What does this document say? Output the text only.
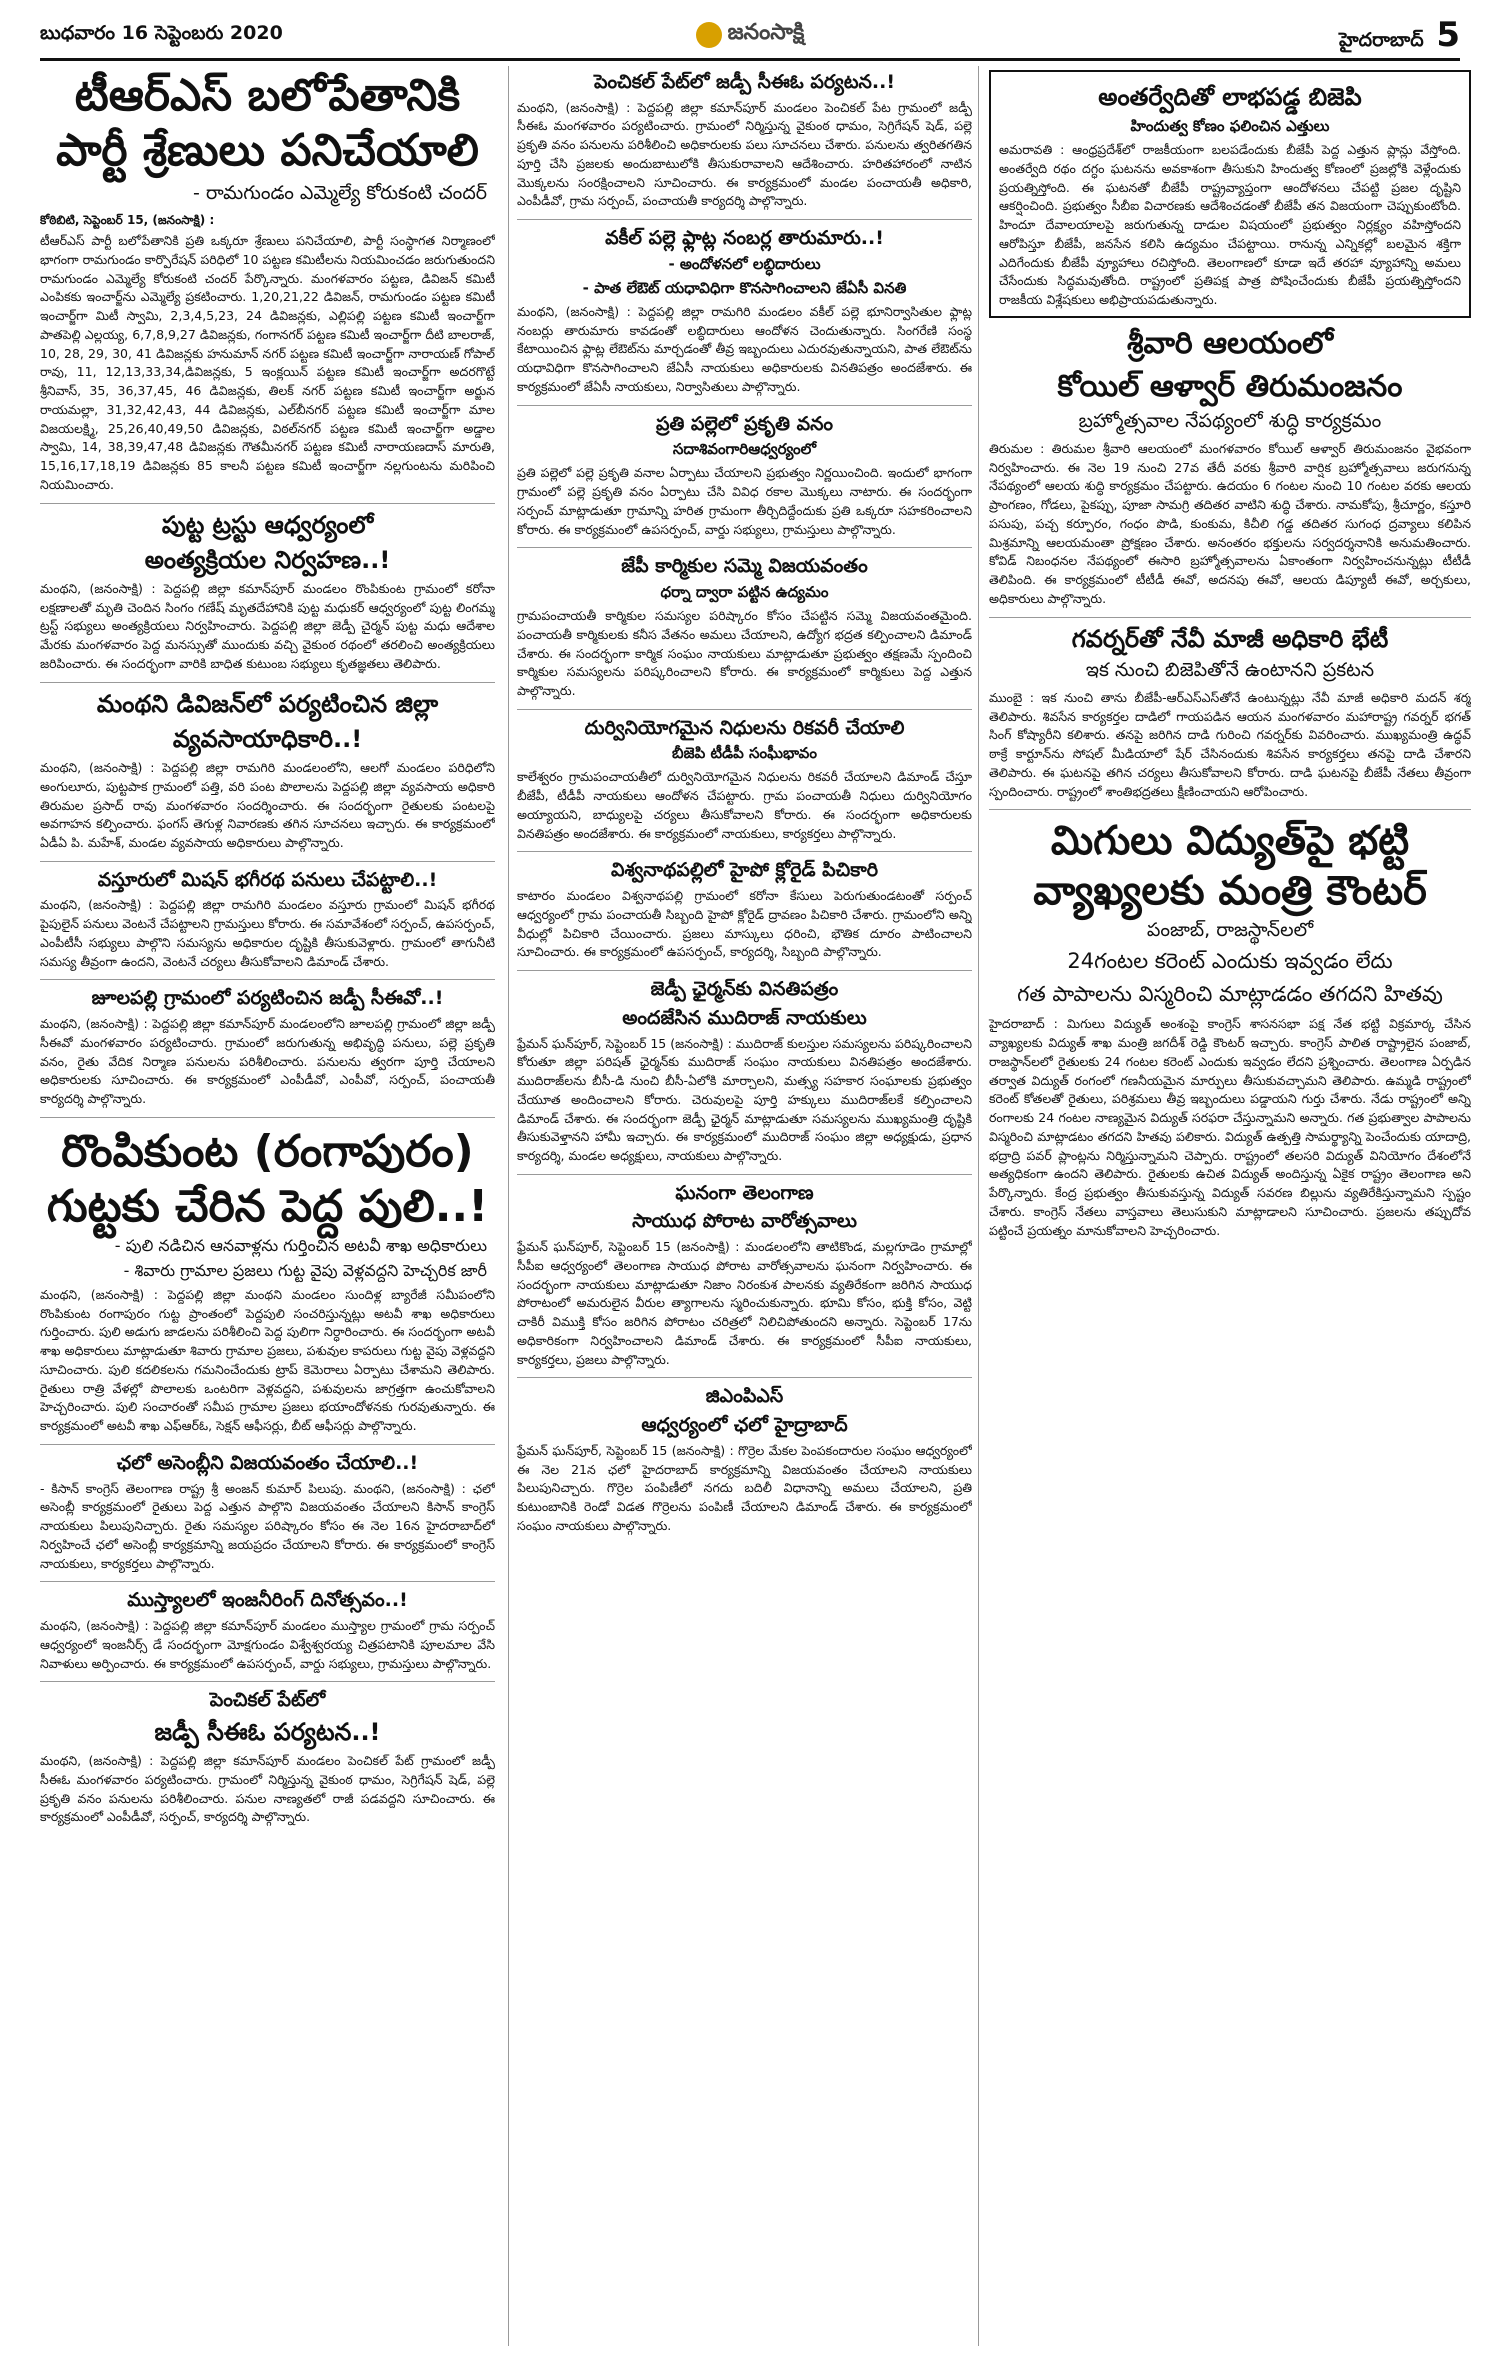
బుధవారం 16 సెప్టెంబరు 2020	జనంసాక్షి	హైదరాబాద్ 5
టీఆర్ఎస్ బలోపేతానికి పార్టీ శ్రేణులు పనిచేయాలి
- రామగుండం ఎమ్మెల్యే కోరుకంటి చందర్
కోఠిబిటి, సెప్టెంబర్ 15, (జనంసాక్షి) :

టీఆర్ఎస్ పార్టీ బలోపేతానికి ప్రతి ఒక్కరూ శ్రేణులు పనిచేయాలి, పార్టీ సంస్థాగత నిర్మాణంలో భాగంగా రామగుండం కార్పొరేషన్ పరిధిలో 10 పట్టణ కమిటీలను నియమించడం జరుగుతుందని రామగుండం ఎమ్మెల్యే కోరుకంటి చందర్ పేర్కొన్నారు. మంగళవారం పట్టణ, డివిజన్ కమిటీ ఎంపికకు ఇంచార్జ్‌ను ఎమ్మెల్యే ప్రకటించారు. 1,20,21,22 డివిజన్, రామగుండం పట్టణ కమిటీ ఇంచార్జ్‌గా మిటీ స్వామి, 2,3,4,5,23, 24 డివిజన్లకు, ఎల్లిపల్లి పట్టణ కమిటీ ఇంచార్జ్‌గా పాతపెల్లి ఎల్లయ్య, 6,7,8,9,27 డివిజన్లకు, గంగానగర్ పట్టణ కమిటీ ఇంచార్జ్‌గా దీటి బాలరాజ్, 10, 28, 29, 30, 41 డివిజన్లకు హనుమాన్ నగర్ పట్టణ కమిటీ ఇంచార్జ్‌గా నారాయణ్ గోపాల్ రావు, 11, 12,13,33,34,డివిజన్లకు, 5 ఇంక్లయిన్ పట్టణ కమిటీ ఇంచార్జ్‌గా అదరగొట్టే శ్రీనివాస్, 35, 36,37,45, 46 డివిజన్లకు, తిలక్ నగర్ పట్టణ కమిటీ ఇంచార్జ్‌గా అర్జున రాయమల్లా, 31,32,42,43, 44 డివిజన్లకు, ఎల్‌బీనగర్ పట్టణ కమిటీ ఇంచార్జ్‌గా మాల విజయలక్ష్మి, 25,26,40,49,50 డివిజన్లకు, విఠల్‌నగర్ పట్టణ కమిటీ ఇంచార్జ్‌గా అడ్డాల స్వామి, 14, 38,39,47,48 డివిజన్లకు గౌతమీనగర్ పట్టణ కమిటీ నారాయణదాస్ మారుతి, 15,16,17,18,19 డివిజన్లకు 85 కాలనీ పట్టణ కమిటీ ఇంచార్జ్‌గా నల్లగుంటను మరిపించి నియమించారు.

పుట్ట ట్రస్టు ఆధ్వర్యంలో
అంత్యక్రియల నిర్వహణ..!

మంథని, (జనంసాక్షి) : పెద్దపల్లి జిల్లా కమాన్‌పూర్ మండలం రొంపికుంట గ్రామంలో కరోనా లక్షణాలతో మృతి చెందిన సింగం గణేష్ మృతదేహానికి పుట్ట మధుకర్ ఆధ్వర్యంలో పుట్ట లింగమ్మ ట్రస్ట్ సభ్యులు అంత్యక్రియలు నిర్వహించారు. పెద్దపల్లి జిల్లా జెడ్పీ చైర్మన్ పుట్ట మధు ఆదేశాల మేరకు మంగళవారం పెద్ద మనస్సుతో ముందుకు వచ్చి వైకుంఠ రథంలో తరలించి అంత్యక్రియలు జరిపించారు. ఈ సందర్భంగా వారికి బాధిత కుటుంబ సభ్యులు కృతజ్ఞతలు తెలిపారు.

మంథని డివిజన్‌లో పర్యటించిన జిల్లా
వ్యవసాయాధికారి..!

మంథని, (జనంసాక్షి) : పెద్దపల్లి జిల్లా రామగిరి మండలంలోని, ఆలగో మండలం పరిధిలోని అంగులూరు, పుట్టపాక గ్రామంలో పత్తి, వరి పంట పొలాలను పెద్దపల్లి జిల్లా వ్యవసాయ అధికారి తిరుమల ప్రసాద్ రావు మంగళవారం సందర్శించారు. ఈ సందర్భంగా రైతులకు పంటలపై అవగాహన కల్పించారు. ఫంగస్ తెగుళ్ల నివారణకు తగిన సూచనలు ఇచ్చారు. ఈ కార్యక్రమంలో ఏడీఏ పి. మహేశ్, మండల వ్యవసాయ అధికారులు పాల్గొన్నారు.

వస్తూరులో మిషన్ భగీరథ పనులు చేపట్టాలి..!

మంథని, (జనంసాక్షి) : పెద్దపల్లి జిల్లా రామగిరి మండలం వస్తూరు గ్రామంలో మిషన్ భగీరథ పైపులైన్ పనులు వెంటనే చేపట్టాలని గ్రామస్తులు కోరారు. ఈ సమావేశంలో సర్పంచ్, ఉపసర్పంచ్, ఎంపీటీసీ సభ్యులు పాల్గొని సమస్యను అధికారుల దృష్టికి తీసుకువెళ్లారు. గ్రామంలో తాగునీటి సమస్య తీవ్రంగా ఉందని, వెంటనే చర్యలు తీసుకోవాలని డిమాండ్ చేశారు.

జూలపల్లి గ్రామంలో పర్యటించిన జడ్పీ సీఈవో..!

మంథని, (జనంసాక్షి) : పెద్దపల్లి జిల్లా కమాన్‌పూర్ మండలంలోని జూలపల్లి గ్రామంలో జిల్లా జడ్పీ సీఈవో మంగళవారం పర్యటించారు. గ్రామంలో జరుగుతున్న అభివృద్ధి పనులు, పల్లె ప్రకృతి వనం, రైతు వేదిక నిర్మాణ పనులను పరిశీలించారు. పనులను త్వరగా పూర్తి చేయాలని అధికారులకు సూచించారు. ఈ కార్యక్రమంలో ఎంపీడీవో, ఎంపీవో, సర్పంచ్, పంచాయతీ కార్యదర్శి పాల్గొన్నారు.

రొంపికుంట (రంగాపురం) గుట్టకు చేరిన పెద్ద పులి..!
- పులి నడిచిన ఆనవాళ్లను గుర్తించిన అటవీ శాఖ అధికారులు
- శివారు గ్రామాల ప్రజలు గుట్ట వైపు వెళ్లవద్దని హెచ్చరిక జారీ

మంథని, (జనంసాక్షి) : పెద్దపల్లి జిల్లా మంథని మండలం సుందిళ్ల బ్యారేజీ సమీపంలోని రొంపికుంట రంగాపురం గుట్ట ప్రాంతంలో పెద్దపులి సంచరిస్తున్నట్లు అటవీ శాఖ అధికారులు గుర్తించారు. పులి అడుగు జాడలను పరిశీలించి పెద్ద పులిగా నిర్ధారించారు. ఈ సందర్భంగా అటవీ శాఖ అధికారులు మాట్లాడుతూ శివారు గ్రామాల ప్రజలు, పశువుల కాపరులు గుట్ట వైపు వెళ్లవద్దని సూచించారు. పులి కదలికలను గమనించేందుకు ట్రాప్ కెమెరాలు ఏర్పాటు చేశామని తెలిపారు. రైతులు రాత్రి వేళల్లో పొలాలకు ఒంటరిగా వెళ్లవద్దని, పశువులను జాగ్రత్తగా ఉంచుకోవాలని హెచ్చరించారు. పులి సంచారంతో సమీప గ్రామాల ప్రజలు భయాందోళనకు గురవుతున్నారు. ఈ కార్యక్రమంలో అటవీ శాఖ ఎఫ్ఆర్ఓ, సెక్షన్ ఆఫీసర్లు, బీట్ ఆఫీసర్లు పాల్గొన్నారు.

ఛలో అసెంబ్లీని విజయవంతం చేయాలి..!

- కిసాన్ కాంగ్రెస్ తెలంగాణ రాష్ట్ర శ్రీ అంజన్ కుమార్ పిలుపు. మంథని, (జనంసాక్షి) : ఛలో అసెంబ్లీ కార్యక్రమంలో రైతులు పెద్ద ఎత్తున పాల్గొని విజయవంతం చేయాలని కిసాన్ కాంగ్రెస్ నాయకులు పిలుపునిచ్చారు. రైతు సమస్యల పరిష్కారం కోసం ఈ నెల 16న హైదరాబాద్‌లో నిర్వహించే ఛలో అసెంబ్లీ కార్యక్రమాన్ని జయప్రదం చేయాలని కోరారు. ఈ కార్యక్రమంలో కాంగ్రెస్ నాయకులు, కార్యకర్తలు పాల్గొన్నారు.

ముస్త్యాలలో ఇంజనీరింగ్ దినోత్సవం..!

మంథని, (జనంసాక్షి) : పెద్దపల్లి జిల్లా కమాన్‌పూర్ మండలం ముస్త్యాల గ్రామంలో గ్రామ సర్పంచ్ ఆధ్వర్యంలో ఇంజనీర్స్ డే సందర్భంగా మోక్షగుండం విశ్వేశ్వరయ్య చిత్రపటానికి పూలమాల వేసి నివాళులు అర్పించారు. ఈ కార్యక్రమంలో ఉపసర్పంచ్, వార్డు సభ్యులు, గ్రామస్తులు పాల్గొన్నారు.

పెంచికల్ పేట్‌లో
జడ్పీ సీఈఓ పర్యటన..!

మంథని, (జనంసాక్షి) : పెద్దపల్లి జిల్లా కమాన్‌పూర్ మండలం పెంచికల్ పేట్ గ్రామంలో జడ్పీ సీఈఓ మంగళవారం పర్యటించారు. గ్రామంలో నిర్మిస్తున్న వైకుంఠ ధామం, సెగ్రిగేషన్ షెడ్, పల్లె ప్రకృతి వనం పనులను పరిశీలించారు. పనుల నాణ్యతలో రాజీ పడవద్దని సూచించారు. ఈ కార్యక్రమంలో ఎంపీడీవో, సర్పంచ్, కార్యదర్శి పాల్గొన్నారు.

పెంచికల్ పేట్‌లో జడ్పీ సీఈఓ పర్యటన..!

మంథని, (జనంసాక్షి) : పెద్దపల్లి జిల్లా కమాన్‌పూర్ మండలం పెంచికల్ పేట గ్రామంలో జడ్పీ సీఈఓ మంగళవారం పర్యటించారు. గ్రామంలో నిర్మిస్తున్న వైకుంఠ ధామం, సెగ్రిగేషన్ షెడ్, పల్లె ప్రకృతి వనం పనులను పరిశీలించి అధికారులకు పలు సూచనలు చేశారు. పనులను త్వరితగతిన పూర్తి చేసి ప్రజలకు అందుబాటులోకి తీసుకురావాలని ఆదేశించారు. హరితహారంలో నాటిన మొక్కలను సంరక్షించాలని సూచించారు. ఈ కార్యక్రమంలో మండల పంచాయతీ అధికారి, ఎంపీడీవో, గ్రామ సర్పంచ్, పంచాయతీ కార్యదర్శి పాల్గొన్నారు.

వకీల్ పల్లె ఫ్లాట్ల నంబర్ల తారుమారు..!
- అందోళనలో లబ్ధిదారులు
- పాత లేఔట్ యధావిధిగా కొనసాగించాలని జేఏసీ వినతి

మంథని, (జనంసాక్షి) : పెద్దపల్లి జిల్లా రామగిరి మండలం వకీల్ పల్లె భూనిర్వాసితుల ఫ్లాట్ల నంబర్లు తారుమారు కావడంతో లబ్ధిదారులు ఆందోళన చెందుతున్నారు. సింగరేణి సంస్థ కేటాయించిన ఫ్లాట్ల లేఔట్‌ను మార్చడంతో తీవ్ర ఇబ్బందులు ఎదురవుతున్నాయని, పాత లేఔట్‌ను యధావిధిగా కొనసాగించాలని జేఏసీ నాయకులు అధికారులకు వినతిపత్రం అందజేశారు. ఈ కార్యక్రమంలో జేఏసీ నాయకులు, నిర్వాసితులు పాల్గొన్నారు.

ప్రతి పల్లెలో ప్రకృతి వనం
సదాశివంగారిఆధ్వర్యంలో

ప్రతి పల్లెలో పల్లె ప్రకృతి వనాల ఏర్పాటు చేయాలని ప్రభుత్వం నిర్ణయించింది. ఇందులో భాగంగా గ్రామంలో పల్లె ప్రకృతి వనం ఏర్పాటు చేసి వివిధ రకాల మొక్కలు నాటారు. ఈ సందర్భంగా సర్పంచ్ మాట్లాడుతూ గ్రామాన్ని హరిత గ్రామంగా తీర్చిదిద్దేందుకు ప్రతి ఒక్కరూ సహకరించాలని కోరారు. ఈ కార్యక్రమంలో ఉపసర్పంచ్, వార్డు సభ్యులు, గ్రామస్తులు పాల్గొన్నారు.

జేపీ కార్మికుల సమ్మె విజయవంతం
ధర్నా ద్వారా పట్టిన ఉద్యమం

గ్రామపంచాయతీ కార్మికుల సమస్యల పరిష్కారం కోసం చేపట్టిన సమ్మె విజయవంతమైంది. పంచాయతీ కార్మికులకు కనీస వేతనం అమలు చేయాలని, ఉద్యోగ భద్రత కల్పించాలని డిమాండ్ చేశారు. ఈ సందర్భంగా కార్మిక సంఘం నాయకులు మాట్లాడుతూ ప్రభుత్వం తక్షణమే స్పందించి కార్మికుల సమస్యలను పరిష్కరించాలని కోరారు. ఈ కార్యక్రమంలో కార్మికులు పెద్ద ఎత్తున పాల్గొన్నారు.

దుర్వినియోగమైన నిధులను రికవరీ చేయాలి
బీజెపి టీడీపీ సంఘీభావం

కాలేశ్వరం గ్రామపంచాయతీలో దుర్వినియోగమైన నిధులను రికవరీ చేయాలని డిమాండ్ చేస్తూ బీజేపీ, టీడీపీ నాయకులు ఆందోళన చేపట్టారు. గ్రామ పంచాయతీ నిధులు దుర్వినియోగం అయ్యాయని, బాధ్యులపై చర్యలు తీసుకోవాలని కోరారు. ఈ సందర్భంగా అధికారులకు వినతిపత్రం అందజేశారు. ఈ కార్యక్రమంలో నాయకులు, కార్యకర్తలు పాల్గొన్నారు.

విశ్వనాథపల్లిలో హైపో క్లోరైడ్ పిచికారి

కాటారం మండలం విశ్వనాథపల్లి గ్రామంలో కరోనా కేసులు పెరుగుతుండటంతో సర్పంచ్ ఆధ్వర్యంలో గ్రామ పంచాయతీ సిబ్బంది హైపో క్లోరైడ్ ద్రావణం పిచికారి చేశారు. గ్రామంలోని అన్ని వీధుల్లో పిచికారి చేయించారు. ప్రజలు మాస్కులు ధరించి, భౌతిక దూరం పాటించాలని సూచించారు. ఈ కార్యక్రమంలో ఉపసర్పంచ్, కార్యదర్శి, సిబ్బంది పాల్గొన్నారు.

జెడ్పీ ఛైర్మన్‌కు వినతిపత్రం
అందజేసిన ముదిరాజ్ నాయకులు

ఫ్రేమన్ ఘన్‌పూర్, సెప్టెంబర్ 15 (జనంసాక్షి) : ముదిరాజ్ కులస్తుల సమస్యలను పరిష్కరించాలని కోరుతూ జిల్లా పరిషత్ ఛైర్మన్‌కు ముదిరాజ్ సంఘం నాయకులు వినతిపత్రం అందజేశారు. ముదిరాజ్‌లను బీసీ-డి నుంచి బీసీ-ఏలోకి మార్చాలని, మత్స్య సహకార సంఘాలకు ప్రభుత్వం చేయూత అందించాలని కోరారు. చెరువులపై పూర్తి హక్కులు ముదిరాజ్‌లకే కల్పించాలని డిమాండ్ చేశారు. ఈ సందర్భంగా జెడ్పీ ఛైర్మన్ మాట్లాడుతూ సమస్యలను ముఖ్యమంత్రి దృష్టికి తీసుకువెళ్తానని హామీ ఇచ్చారు. ఈ కార్యక్రమంలో ముదిరాజ్ సంఘం జిల్లా అధ్యక్షుడు, ప్రధాన కార్యదర్శి, మండల అధ్యక్షులు, నాయకులు పాల్గొన్నారు.

ఘనంగా తెలంగాణ
సాయుధ పోరాట వారోత్సవాలు

ఫ్రేమన్ ఘన్‌పూర్, సెప్టెంబర్ 15 (జనంసాక్షి) : మండలంలోని తాటికొండ, మల్లగూడెం గ్రామాల్లో సీపీఐ ఆధ్వర్యంలో తెలంగాణ సాయుధ పోరాట వారోత్సవాలను ఘనంగా నిర్వహించారు. ఈ సందర్భంగా నాయకులు మాట్లాడుతూ నిజాం నిరంకుశ పాలనకు వ్యతిరేకంగా జరిగిన సాయుధ పోరాటంలో అమరులైన వీరుల త్యాగాలను స్మరించుకున్నారు. భూమి కోసం, భుక్తి కోసం, వెట్టి చాకిరీ విముక్తి కోసం జరిగిన పోరాటం చరిత్రలో నిలిచిపోతుందని అన్నారు. సెప్టెంబర్ 17ను అధికారికంగా నిర్వహించాలని డిమాండ్ చేశారు. ఈ కార్యక్రమంలో సీపీఐ నాయకులు, కార్యకర్తలు, ప్రజలు పాల్గొన్నారు.

జిఎంపిఎస్
ఆధ్వర్యంలో ఛలో హైద్రాబాద్

ఫ్రేమన్ ఘన్‌పూర్, సెప్టెంబర్ 15 (జనంసాక్షి) : గొర్రెల మేకల పెంపకందారుల సంఘం ఆధ్వర్యంలో ఈ నెల 21న ఛలో హైదరాబాద్ కార్యక్రమాన్ని విజయవంతం చేయాలని నాయకులు పిలుపునిచ్చారు. గొర్రెల పంపిణీలో నగదు బదిలీ విధానాన్ని అమలు చేయాలని, ప్రతి కుటుంబానికి రెండో విడత గొర్రెలను పంపిణీ చేయాలని డిమాండ్ చేశారు. ఈ కార్యక్రమంలో సంఘం నాయకులు పాల్గొన్నారు.

అంతర్వేదితో లాభపడ్డ బిజెపి
హిందుత్వ కోణం ఫలించిన ఎత్తులు

అమరావతి : ఆంధ్రప్రదేశ్‌లో రాజకీయంగా బలపడేందుకు బీజేపీ పెద్ద ఎత్తున ప్లాన్లు వేస్తోంది. అంతర్వేది రథం దగ్ధం ఘటనను అవకాశంగా తీసుకుని హిందుత్వ కోణంలో ప్రజల్లోకి వెళ్లేందుకు ప్రయత్నిస్తోంది. ఈ ఘటనతో బీజేపీ రాష్ట్రవ్యాప్తంగా ఆందోళనలు చేపట్టి ప్రజల దృష్టిని ఆకర్షించింది. ప్రభుత్వం సీబీఐ విచారణకు ఆదేశించడంతో బీజేపీ తన విజయంగా చెప్పుకుంటోంది. హిందూ దేవాలయాలపై జరుగుతున్న దాడుల విషయంలో ప్రభుత్వం నిర్లక్ష్యం వహిస్తోందని ఆరోపిస్తూ బీజేపీ, జనసేన కలిసి ఉద్యమం చేపట్టాయి. రానున్న ఎన్నికల్లో బలమైన శక్తిగా ఎదిగేందుకు బీజేపీ వ్యూహాలు రచిస్తోంది. తెలంగాణలో కూడా ఇదే తరహా వ్యూహాన్ని అమలు చేసేందుకు సిద్ధమవుతోంది. రాష్ట్రంలో ప్రతిపక్ష పాత్ర పోషించేందుకు బీజేపీ ప్రయత్నిస్తోందని రాజకీయ విశ్లేషకులు అభిప్రాయపడుతున్నారు.

శ్రీవారి ఆలయంలో
కోయిల్ ఆళ్వార్ తిరుమంజనం
బ్రహ్మోత్సవాల నేపథ్యంలో శుద్ధి కార్యక్రమం

తిరుమల : తిరుమల శ్రీవారి ఆలయంలో మంగళవారం కోయిల్ ఆళ్వార్ తిరుమంజనం వైభవంగా నిర్వహించారు. ఈ నెల 19 నుంచి 27వ తేదీ వరకు శ్రీవారి వార్షిక బ్రహ్మోత్సవాలు జరుగనున్న నేపథ్యంలో ఆలయ శుద్ధి కార్యక్రమం చేపట్టారు. ఉదయం 6 గంటల నుంచి 10 గంటల వరకు ఆలయ ప్రాంగణం, గోడలు, పైకప్పు, పూజా సామగ్రి తదితర వాటిని శుద్ధి చేశారు. నామకోపు, శ్రీచూర్ణం, కస్తూరి పసుపు, పచ్చ కర్పూరం, గంధం పొడి, కుంకుమ, కిచీలి గడ్డ తదితర సుగంధ ద్రవ్యాలు కలిపిన మిశ్రమాన్ని ఆలయమంతా ప్రోక్షణం చేశారు. అనంతరం భక్తులను సర్వదర్శనానికి అనుమతించారు. కోవిడ్ నిబంధనల నేపథ్యంలో ఈసారి బ్రహ్మోత్సవాలను ఏకాంతంగా నిర్వహించనున్నట్లు టీటీడీ తెలిపింది. ఈ కార్యక్రమంలో టీటీడీ ఈవో, అదనపు ఈవో, ఆలయ డిప్యూటీ ఈవో, అర్చకులు, అధికారులు పాల్గొన్నారు.

గవర్నర్‌తో నేవీ మాజీ అధికారి భేటీ
ఇక నుంచి బిజెపితోనే ఉంటానని ప్రకటన

ముంబై : ఇక నుంచి తాను బీజేపీ-ఆర్ఎస్ఎస్‌తోనే ఉంటున్నట్లు నేవీ మాజీ అధికారి మదన్ శర్మ తెలిపారు. శివసేన కార్యకర్తల దాడిలో గాయపడిన ఆయన మంగళవారం మహారాష్ట్ర గవర్నర్ భగత్ సింగ్ కోష్యారీని కలిశారు. తనపై జరిగిన దాడి గురించి గవర్నర్‌కు వివరించారు. ముఖ్యమంత్రి ఉద్ధవ్ ఠాక్రే కార్టూన్‌ను సోషల్ మీడియాలో షేర్ చేసినందుకు శివసేన కార్యకర్తలు తనపై దాడి చేశారని తెలిపారు. ఈ ఘటనపై తగిన చర్యలు తీసుకోవాలని కోరారు. దాడి ఘటనపై బీజేపీ నేతలు తీవ్రంగా స్పందించారు. రాష్ట్రంలో శాంతిభద్రతలు క్షీణించాయని ఆరోపించారు.

మిగులు విద్యుత్‌పై భట్టి వ్యాఖ్యలకు మంత్రి కౌంటర్
పంజాబ్, రాజస్థాన్‌లలో
24గంటల కరెంట్ ఎందుకు ఇవ్వడం లేదు
గత పాపాలను విస్మరించి మాట్లాడడం తగదని హితవు

హైదరాబాద్ : మిగులు విద్యుత్ అంశంపై కాంగ్రెస్ శాసనసభా పక్ష నేత భట్టి విక్రమార్క చేసిన వ్యాఖ్యలకు విద్యుత్ శాఖ మంత్రి జగదీశ్ రెడ్డి కౌంటర్ ఇచ్చారు. కాంగ్రెస్ పాలిత రాష్ట్రాలైన పంజాబ్, రాజస్థాన్‌లలో రైతులకు 24 గంటల కరెంట్ ఎందుకు ఇవ్వడం లేదని ప్రశ్నించారు. తెలంగాణ ఏర్పడిన తర్వాత విద్యుత్ రంగంలో గణనీయమైన మార్పులు తీసుకువచ్చామని తెలిపారు. ఉమ్మడి రాష్ట్రంలో కరెంట్ కోతలతో రైతులు, పరిశ్రమలు తీవ్ర ఇబ్బందులు పడ్డాయని గుర్తు చేశారు. నేడు రాష్ట్రంలో అన్ని రంగాలకు 24 గంటల నాణ్యమైన విద్యుత్ సరఫరా చేస్తున్నామని అన్నారు. గత ప్రభుత్వాల పాపాలను విస్మరించి మాట్లాడటం తగదని హితవు పలికారు. విద్యుత్ ఉత్పత్తి సామర్థ్యాన్ని పెంచేందుకు యాదాద్రి, భద్రాద్రి పవర్ ప్లాంట్లను నిర్మిస్తున్నామని చెప్పారు. రాష్ట్రంలో తలసరి విద్యుత్ వినియోగం దేశంలోనే అత్యధికంగా ఉందని తెలిపారు. రైతులకు ఉచిత విద్యుత్ అందిస్తున్న ఏకైక రాష్ట్రం తెలంగాణ అని పేర్కొన్నారు. కేంద్ర ప్రభుత్వం తీసుకువస్తున్న విద్యుత్ సవరణ బిల్లును వ్యతిరేకిస్తున్నామని స్పష్టం చేశారు. కాంగ్రెస్ నేతలు వాస్తవాలు తెలుసుకుని మాట్లాడాలని సూచించారు. ప్రజలను తప్పుదోవ పట్టించే ప్రయత్నం మానుకోవాలని హెచ్చరించారు.
